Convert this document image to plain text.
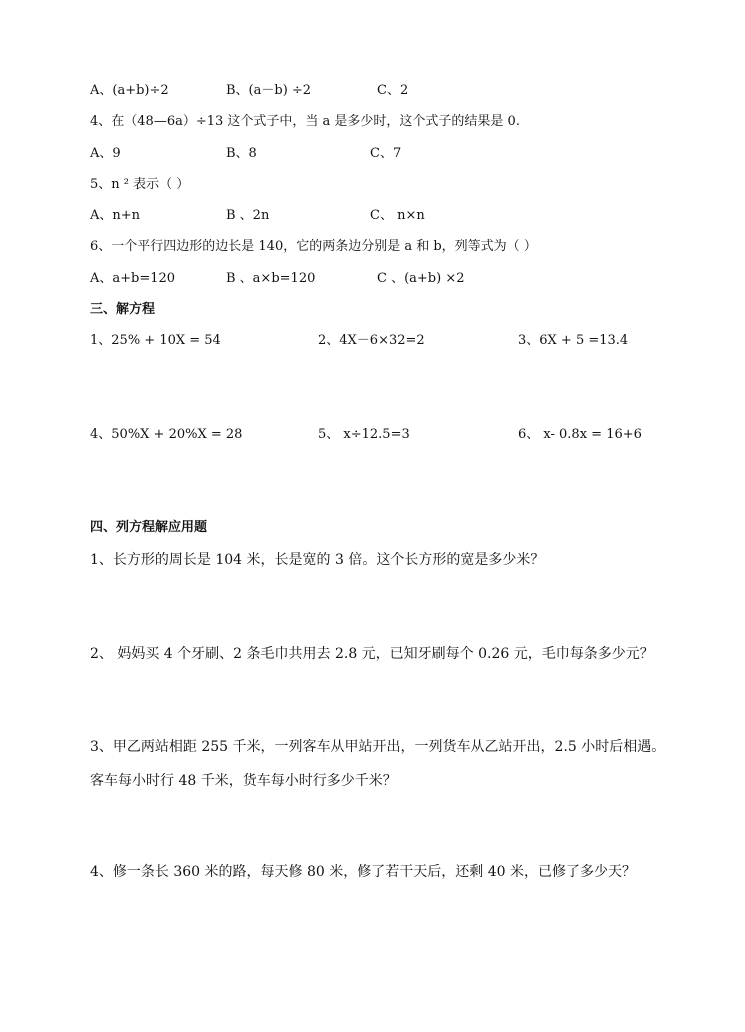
A、(a+b)÷2	B、(a－b) ÷2	C、2
4、在（48—6a）÷13 这个式子中，当 a 是多少时，这个式子的结果是 0.
A、9	B、8	C、7
5、n ² 表示（ ）
A、n+n	B 、2n	C、 n×n
6、一个平行四边形的边长是 140，它的两条边分别是 a 和 b，列等式为（ ）
A、a+b=120	B 、a×b=120	C 、(a+b) ×2
三、解方程
1、25% + 10X = 54	2、4X－6×32=2	3、6X + 5 =13.4
4、50%X + 20%X = 28	5、 x÷12.5=3	6、 x- 0.8x = 16+6
四、列方程解应用题
1、长方形的周长是 104 米，长是宽的 3 倍。这个长方形的宽是多少米？
2、 妈妈买 4 个牙刷、2 条毛巾共用去 2.8 元，已知牙刷每个 0.26 元，毛巾每条多少元？
3、甲乙两站相距 255 千米，一列客车从甲站开出，一列货车从乙站开出，2.5 小时后相遇。
客车每小时行 48 千米，货车每小时行多少千米？
4、修一条长 360 米的路，每天修 80 米，修了若干天后，还剩 40 米，已修了多少天？
